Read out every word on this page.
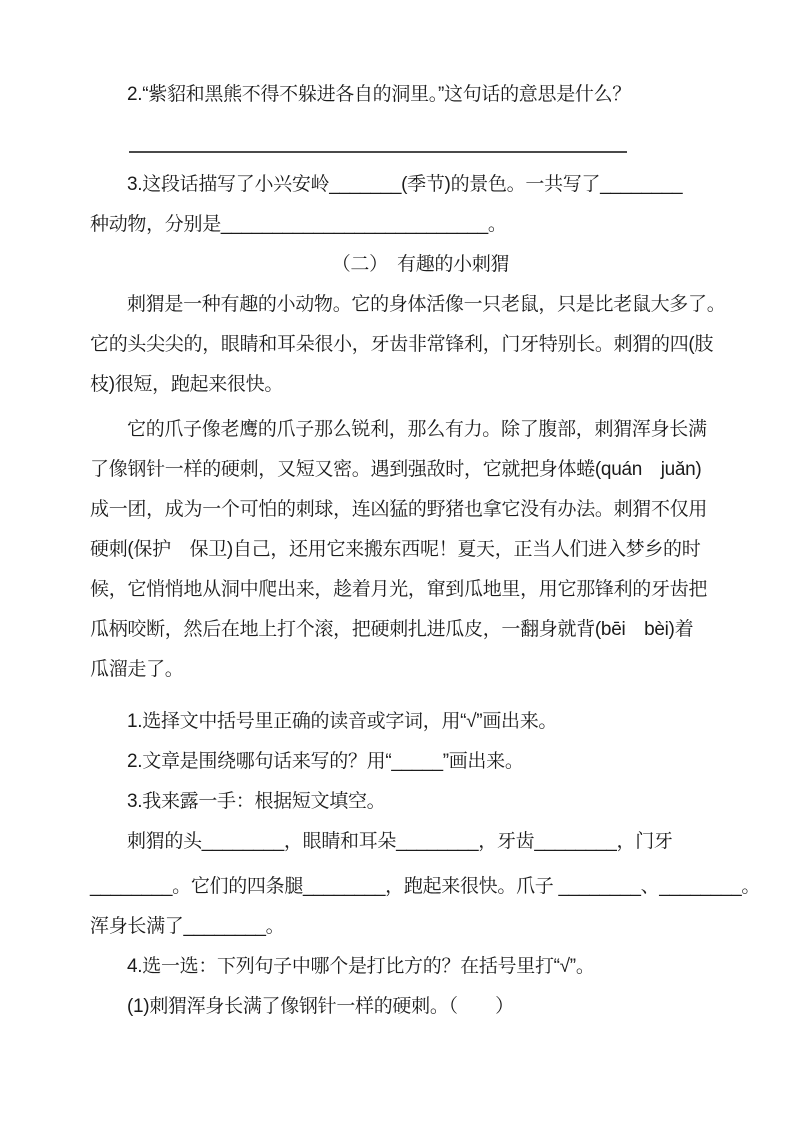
2.“紫貂和黑熊不得不躲进各自的洞里。”这句话的意思是什么？
3.这段话描写了小兴安岭_______(季节)的景色。一共写了________
种动物，分别是__________________________。
（二）　有趣的小刺猬
刺猬是一种有趣的小动物。它的身体活像一只老鼠，只是比老鼠大多了。
它的头尖尖的，眼睛和耳朵很小，牙齿非常锋利，门牙特别长。刺猬的四(肢
枝)很短，跑起来很快。
它的爪子像老鹰的爪子那么锐利，那么有力。除了腹部，刺猬浑身长满
了像钢针一样的硬刺，又短又密。遇到强敌时，它就把身体蜷(quán　juǎn)
成一团，成为一个可怕的刺球，连凶猛的野猪也拿它没有办法。刺猬不仅用
硬刺(保护　保卫)自己，还用它来搬东西呢！夏天，正当人们进入梦乡的时
候，它悄悄地从洞中爬出来，趁着月光，窜到瓜地里，用它那锋利的牙齿把
瓜柄咬断，然后在地上打个滚，把硬刺扎进瓜皮，一翻身就背(bēi　bèi)着
瓜溜走了。
1.选择文中括号里正确的读音或字词，用“√”画出来。
2.文章是围绕哪句话来写的？用“_____”画出来。
3.我来露一手：根据短文填空。
刺猬的头________，眼睛和耳朵________，牙齿________，门牙
________。它们的四条腿________，跑起来很快。爪子 ________、________。
浑身长满了________。
4.选一选：下列句子中哪个是打比方的？在括号里打“√”。
(1)刺猬浑身长满了像钢针一样的硬刺。（　　）
